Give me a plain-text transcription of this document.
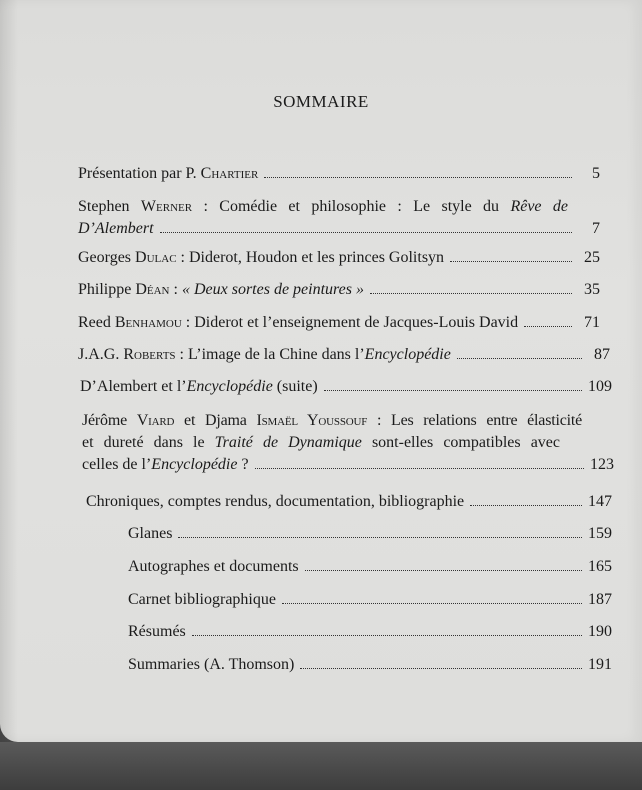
SOMMAIRE
Présentation par P. Chartier	5
Stephen Werner : Comédie et philosophie : Le style du Rêve de
D’Alembert	7
Georges Dulac : Diderot, Houdon et les princes Golitsyn	25
Philippe Déan : « Deux sortes de peintures »	35
Reed Benhamou : Diderot et l’enseignement de Jacques-Louis David	71
J.A.G. Roberts : L’image de la Chine dans l’Encyclopédie	87
D’Alembert et l’Encyclopédie (suite)	109
Jérôme Viard et Djama Ismaël Youssouf : Les relations entre élasticité
et dureté dans le Traité de Dynamique sont-elles compatibles avec
celles de l’Encyclopédie ?	123
Chroniques, comptes rendus, documentation, bibliographie	147
Glanes	159
Autographes et documents	165
Carnet bibliographique	187
Résumés	190
Summaries (A. Thomson)	191
